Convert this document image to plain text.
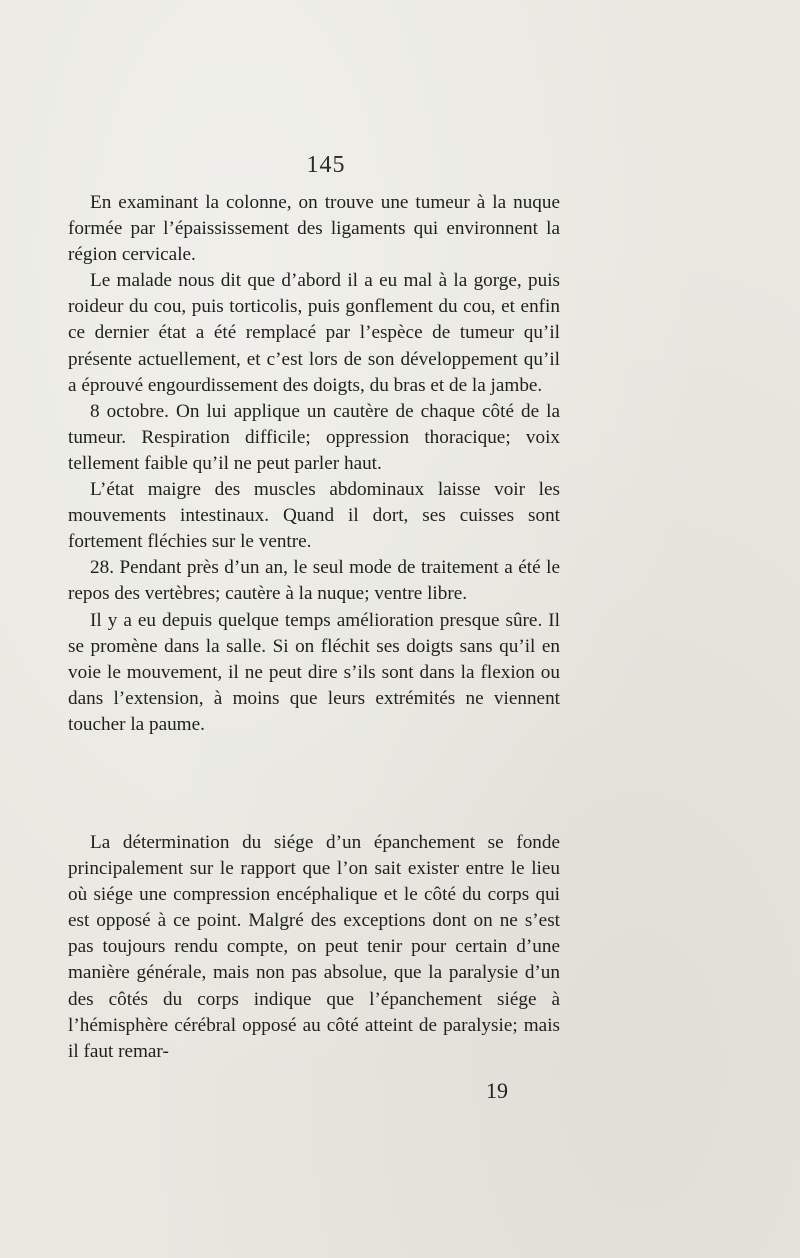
145

En examinant la colonne, on trouve une tumeur à la nuque formée par l’épaississement des ligaments qui environnent la région cervicale.

Le malade nous dit que d’abord il a eu mal à la gorge, puis roideur du cou, puis torticolis, puis gonflement du cou, et enfin ce dernier état a été remplacé par l’espèce de tumeur qu’il présente actuellement, et c’est lors de son développement qu’il a éprouvé engourdissement des doigts, du bras et de la jambe.

8 octobre. On lui applique un cautère de chaque côté de la tumeur. Respiration difficile; oppression thoracique; voix tellement faible qu’il ne peut parler haut.

L’état maigre des muscles abdominaux laisse voir les mouvements intestinaux. Quand il dort, ses cuisses sont fortement fléchies sur le ventre.

28. Pendant près d’un an, le seul mode de traitement a été le repos des vertèbres; cautère à la nuque; ventre libre.

Il y a eu depuis quelque temps amélioration presque sûre. Il se promène dans la salle. Si on fléchit ses doigts sans qu’il en voie le mouvement, il ne peut dire s’ils sont dans la flexion ou dans l’extension, à moins que leurs extrémités ne viennent toucher la paume.

La détermination du siége d’un épanchement se fonde principalement sur le rapport que l’on sait exister entre le lieu où siége une compression encéphalique et le côté du corps qui est opposé à ce point. Malgré des exceptions dont on ne s’est pas toujours rendu compte, on peut tenir pour certain d’une manière générale, mais non pas absolue, que la paralysie d’un des côtés du corps indique que l’épanchement siége à l’hémisphère cérébral opposé au côté atteint de paralysie; mais il faut remar-

19
